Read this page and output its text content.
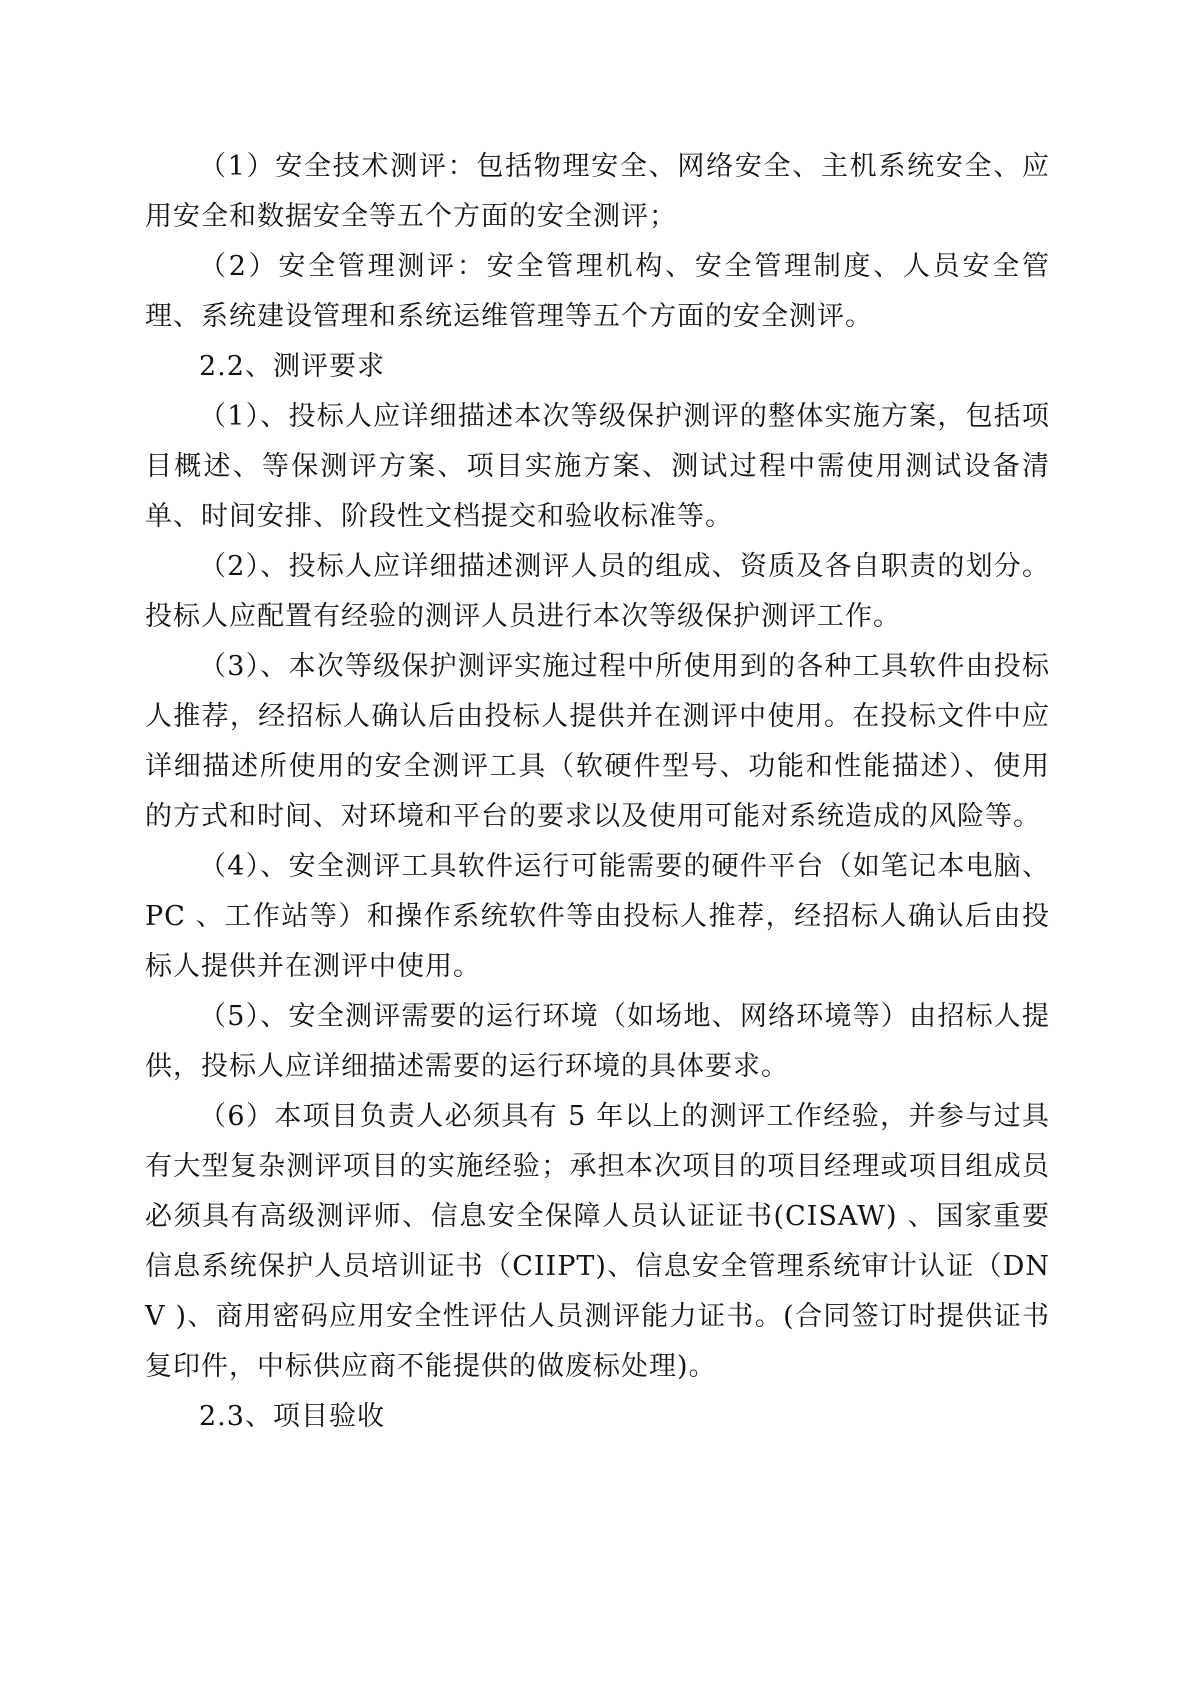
（1）安全技术测评：包括物理安全、网络安全、主机系统安全、应用安全和数据安全等五个方面的安全测评；

（2）安全管理测评：安全管理机构、安全管理制度、人员安全管理、系统建设管理和系统运维管理等五个方面的安全测评。

2.2、测评要求

（1）、投标人应详细描述本次等级保护测评的整体实施方案，包括项目概述、等保测评方案、项目实施方案、测试过程中需使用测试设备清单、时间安排、阶段性文档提交和验收标准等。

（2）、投标人应详细描述测评人员的组成、资质及各自职责的划分。投标人应配置有经验的测评人员进行本次等级保护测评工作。

（3）、本次等级保护测评实施过程中所使用到的各种工具软件由投标人推荐，经招标人确认后由投标人提供并在测评中使用。在投标文件中应详细描述所使用的安全测评工具（软硬件型号、功能和性能描述）、使用的方式和时间、对环境和平台的要求以及使用可能对系统造成的风险等。

（4）、安全测评工具软件运行可能需要的硬件平台（如笔记本电脑、PC 、工作站等）和操作系统软件等由投标人推荐，经招标人确认后由投标人提供并在测评中使用。

（5）、安全测评需要的运行环境（如场地、网络环境等）由招标人提供，投标人应详细描述需要的运行环境的具体要求。

（6）本项目负责人必须具有 5 年以上的测评工作经验，并参与过具有大型复杂测评项目的实施经验；承担本次项目的项目经理或项目组成员必须具有高级测评师、信息安全保障人员认证证书(CISAW) 、国家重要信息系统保护人员培训证书（CIIPT)、信息安全管理系统审计认证（DNV )、商用密码应用安全性评估人员测评能力证书。(合同签订时提供证书复印件，中标供应商不能提供的做废标处理)。

2.3、项目验收
